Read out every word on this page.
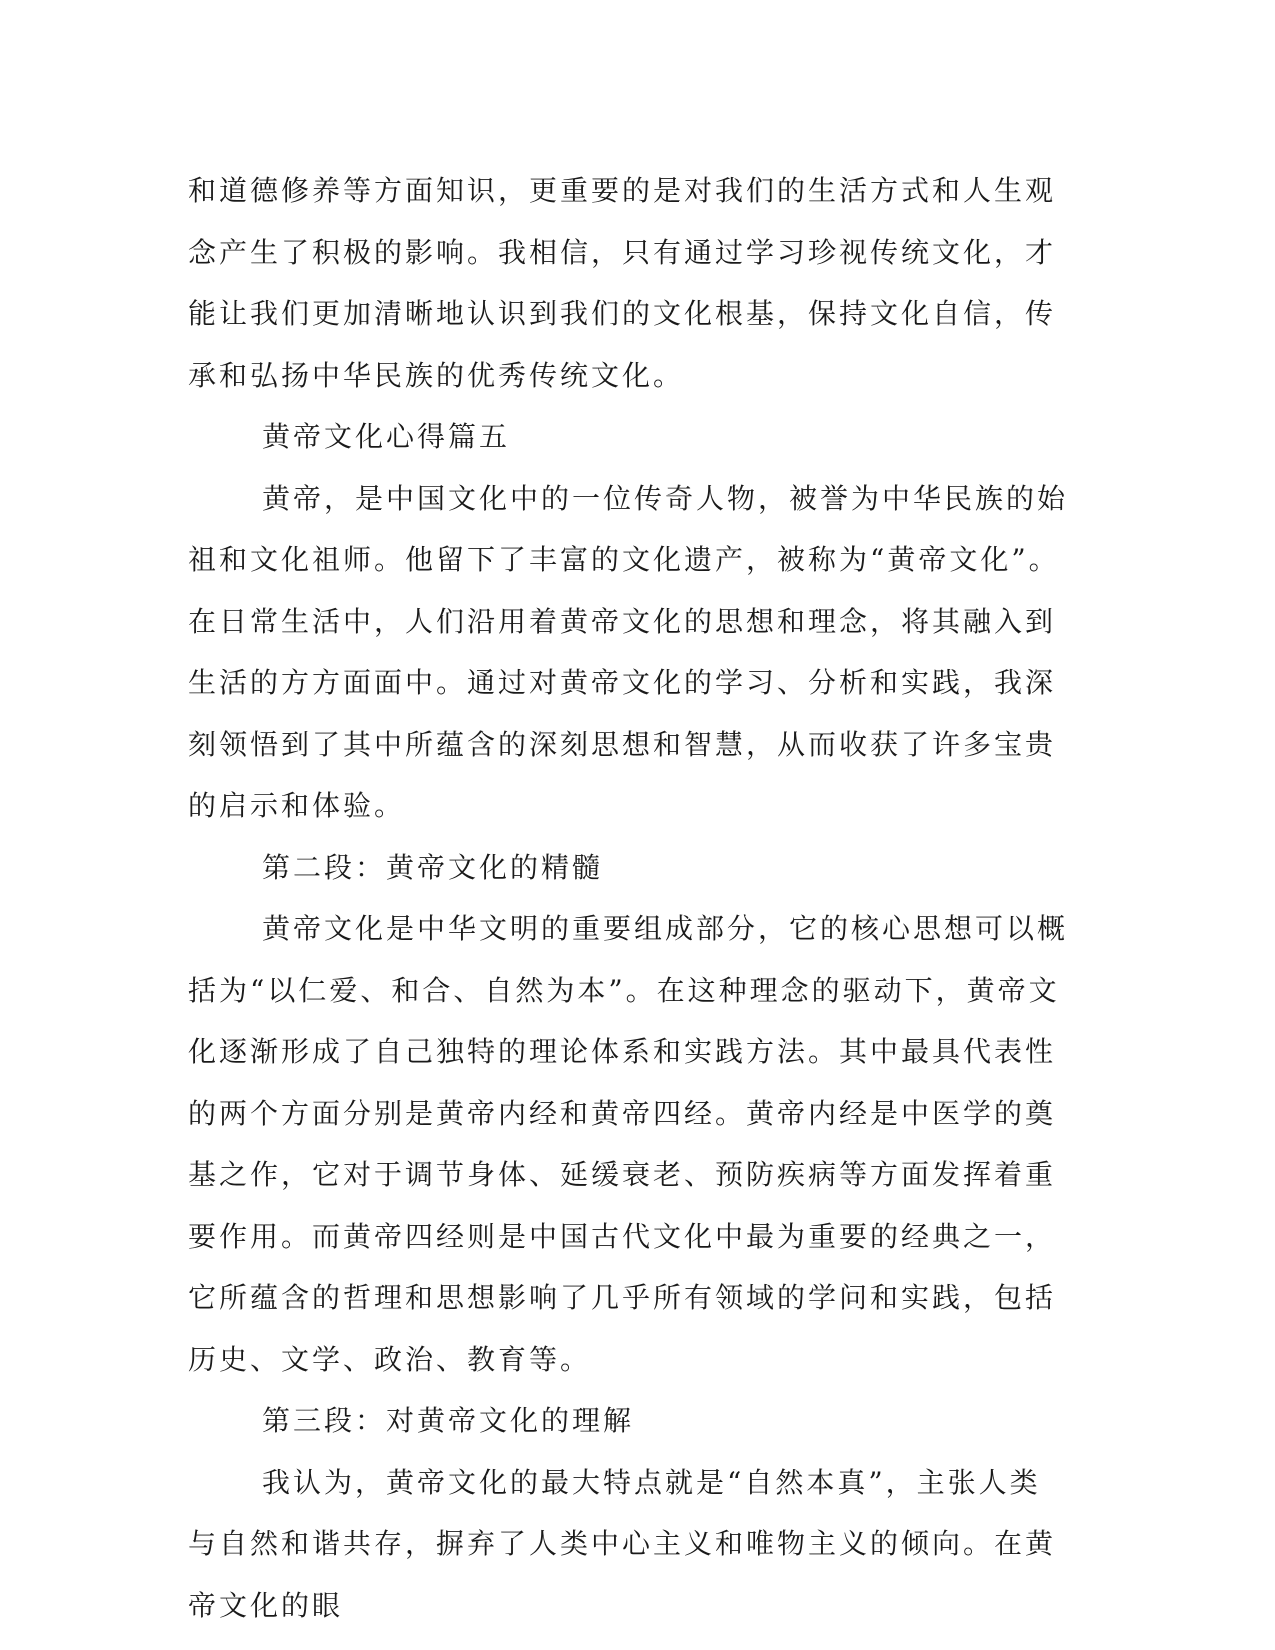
和道德修养等方面知识，更重要的是对我们的生活方式和人生观念产生了积极的影响。我相信，只有通过学习珍视传统文化，才能让我们更加清晰地认识到我们的文化根基，保持文化自信，传承和弘扬中华民族的优秀传统文化。

黄帝文化心得篇五

黄帝，是中国文化中的一位传奇人物，被誉为中华民族的始祖和文化祖师。他留下了丰富的文化遗产，被称为“黄帝文化”。在日常生活中，人们沿用着黄帝文化的思想和理念，将其融入到生活的方方面面中。通过对黄帝文化的学习、分析和实践，我深刻领悟到了其中所蕴含的深刻思想和智慧，从而收获了许多宝贵的启示和体验。

第二段：黄帝文化的精髓

黄帝文化是中华文明的重要组成部分，它的核心思想可以概括为“以仁爱、和合、自然为本”。在这种理念的驱动下，黄帝文化逐渐形成了自己独特的理论体系和实践方法。其中最具代表性的两个方面分别是黄帝内经和黄帝四经。黄帝内经是中医学的奠基之作，它对于调节身体、延缓衰老、预防疾病等方面发挥着重要作用。而黄帝四经则是中国古代文化中最为重要的经典之一，它所蕴含的哲理和思想影响了几乎所有领域的学问和实践，包括历史、文学、政治、教育等。

第三段：对黄帝文化的理解

我认为，黄帝文化的最大特点就是“自然本真”，主张人类与自然和谐共存，摒弃了人类中心主义和唯物主义的倾向。在黄帝文化的眼
